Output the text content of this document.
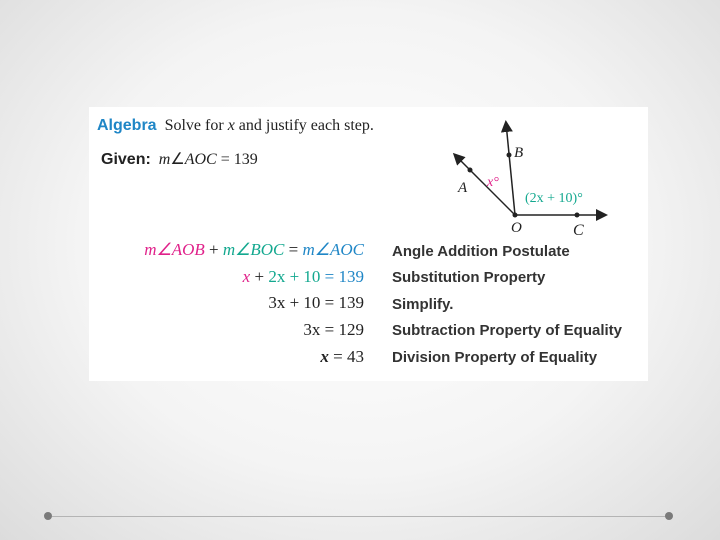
Algebra Solve for x and justify each step.
Given: m∠AOC = 139
A
B
O	C
x°
(2x + 10)°
m∠AOB + m∠BOC = m∠AOC Angle Addition Postulate
x + 2x + 10 = 139 Substitution Property
3x + 10 = 139 Simplify.
3x = 129 Subtraction Property of Equality
x = 43 Division Property of Equality
